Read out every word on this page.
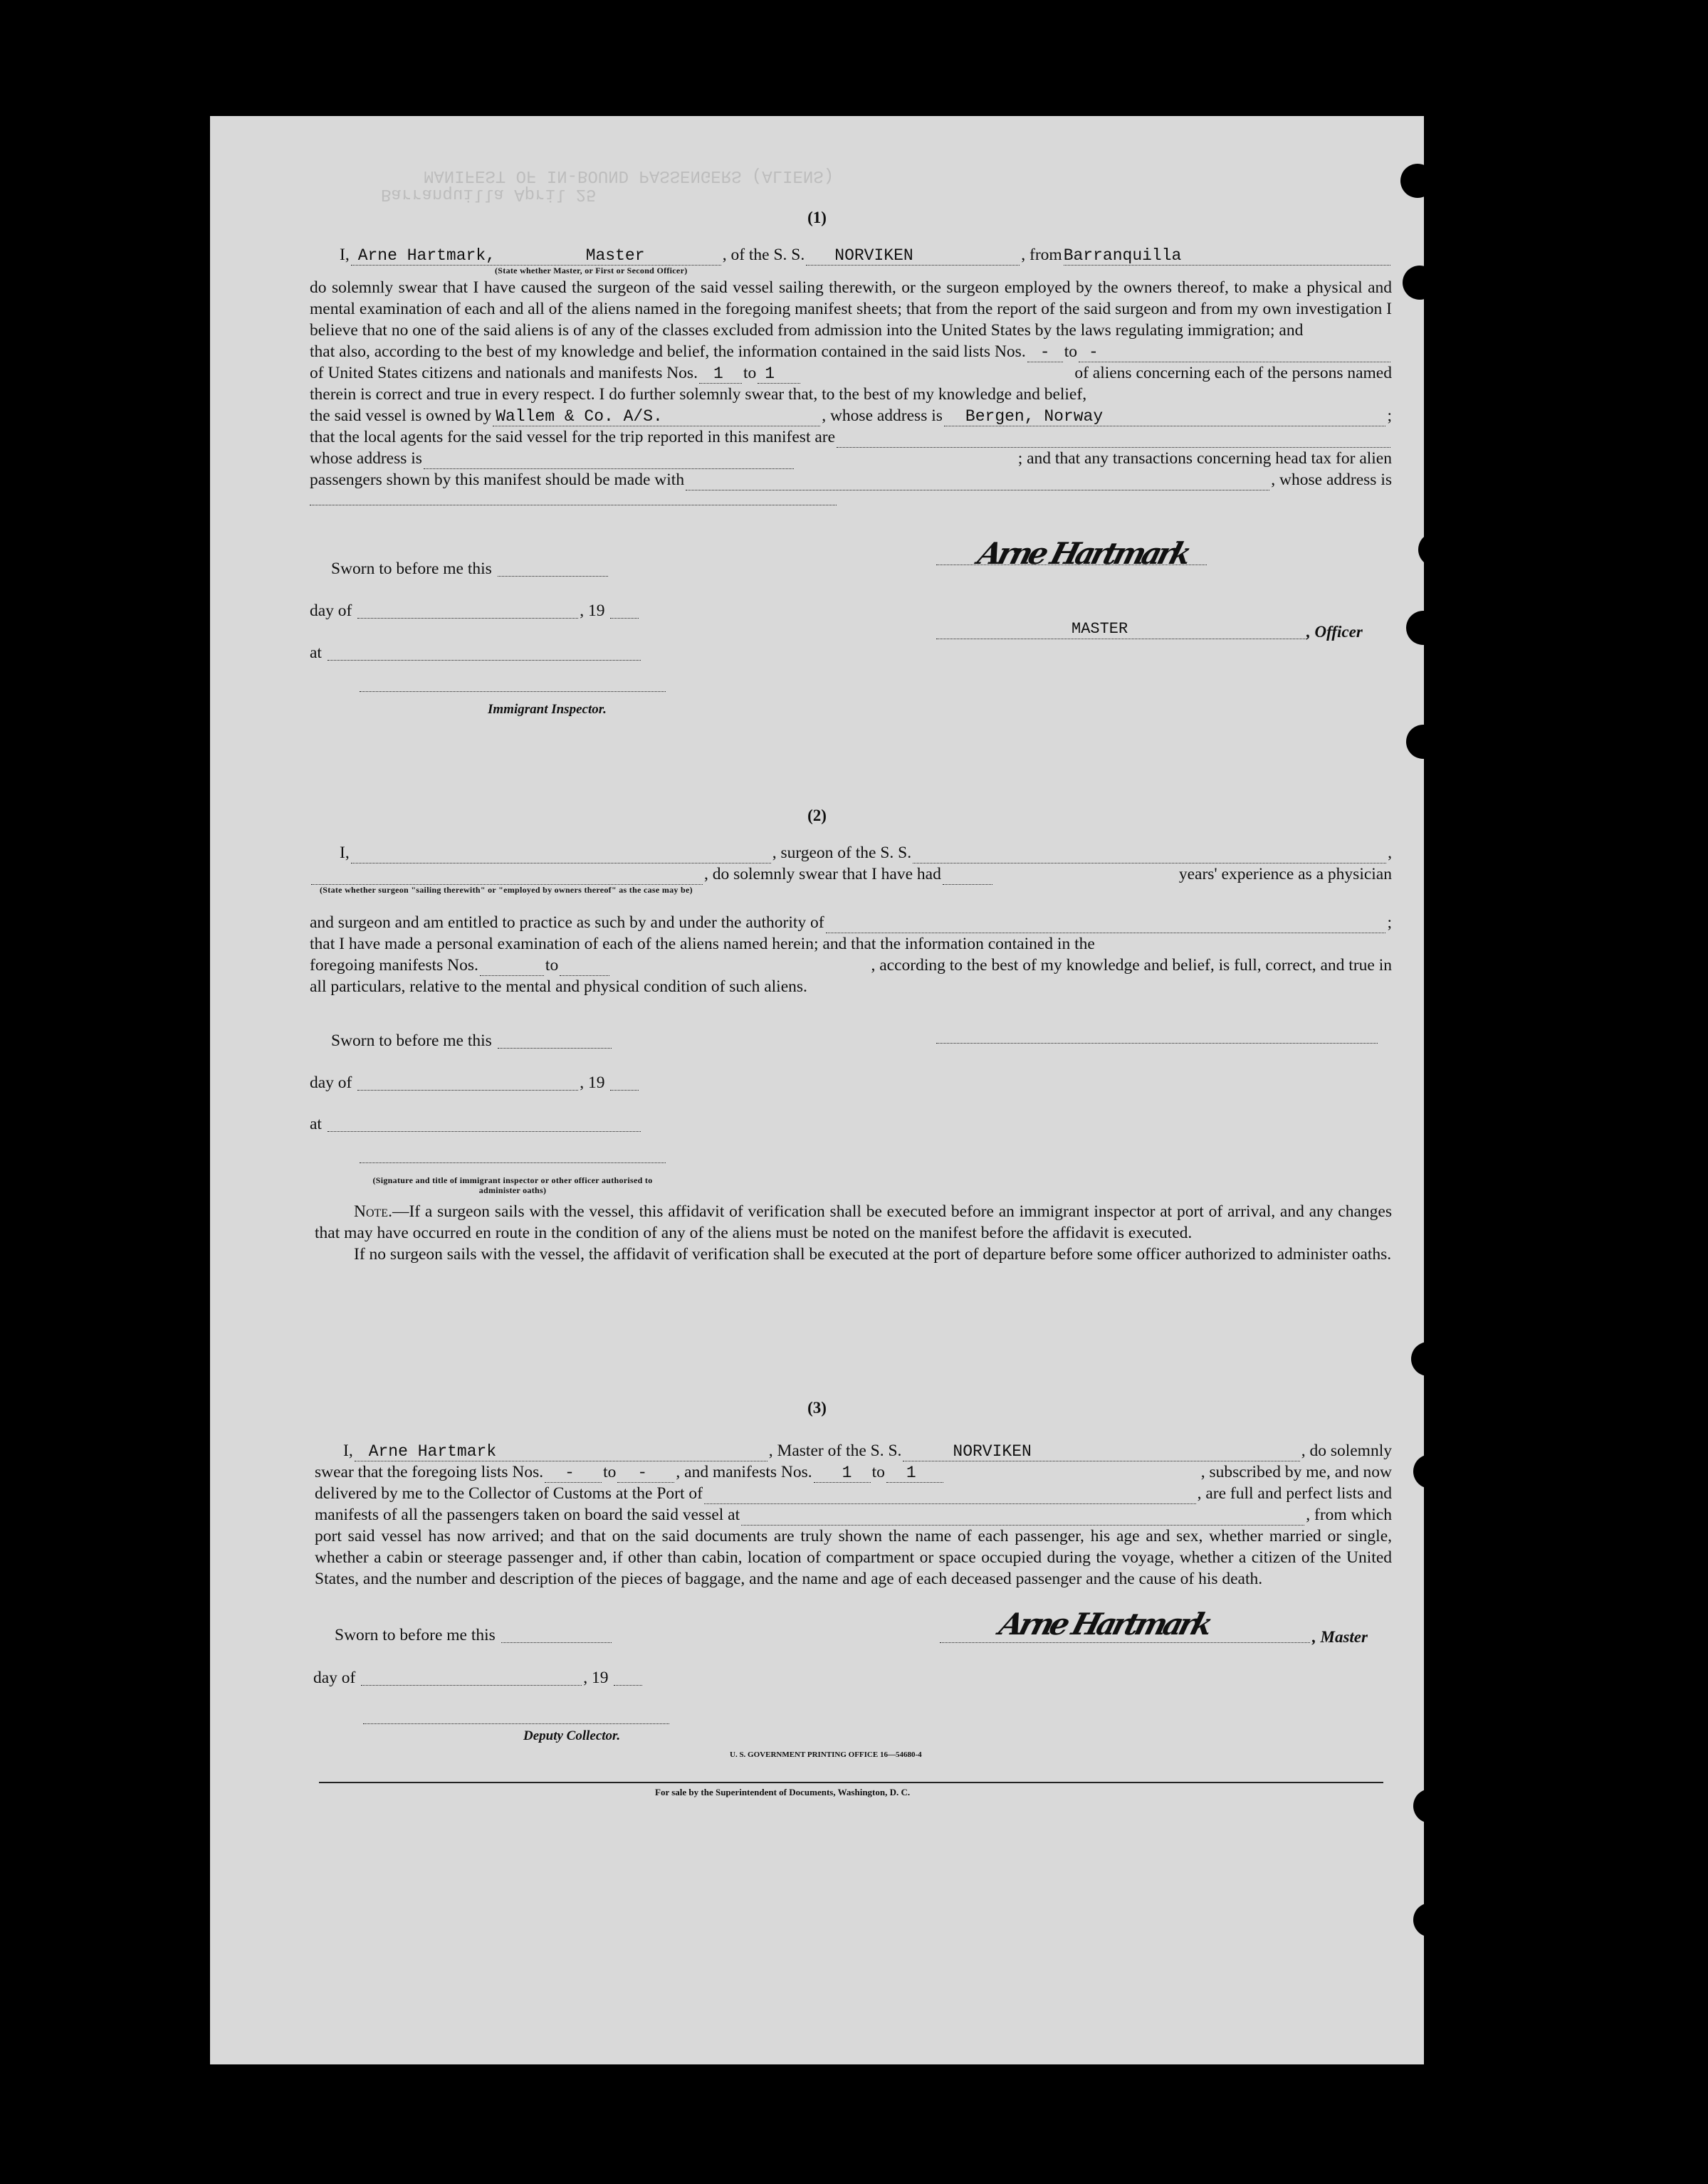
Barranquilla April 25
MANIFEST OF IN-BOUND PASSENGERS (ALIENS)
(1)
I, Arne Hartmark,	Master	, of the S. S. NORVIKEN	, from Barranquilla
(State whether Master, or First or Second Officer)

do solemnly swear that I have caused the surgeon of the said vessel sailing therewith, or the surgeon employed by the owners thereof, to make a physical and mental examination of each and all of the aliens named in the foregoing manifest sheets; that from the report of the said surgeon and from my own investigation I believe that no one of the said aliens is of any of the classes excluded from admission into the United States by the laws regulating immigration; and

that also, according to the best of my knowledge and belief, the information contained in the said lists Nos. - to -
of United States citizens and nationals and manifests Nos. 1 to 1	of aliens concerning each of the persons named
therein is correct and true in every respect. I do further solemnly swear that, to the best of my knowledge and belief,
the said vessel is owned by Wallem & Co. A/S.	, whose address is Bergen, Norway	;
that the local agents for the said vessel for the trip reported in this manifest are
whose address is	; and that any transactions concerning head tax for alien
passengers shown by this manifest should be made with	, whose address is
Sworn to before me this
day of	, 19
at
Immigrant Inspector.
Arne Hartmark
MASTER	, Officer
(2)
I,	, surgeon of the S. S.	,
, do solemnly swear that I have had	years' experience as a physician
(State whether surgeon "sailing therewith" or "employed by owners thereof" as the case may be)
and surgeon and am entitled to practice as such by and under the authority of	;
that I have made a personal examination of each of the aliens named herein; and that the information contained in the
foregoing manifests Nos.	to	, according to the best of my knowledge and belief, is full, correct, and true in
all particulars, relative to the mental and physical condition of such aliens.
Sworn to before me this
day of	, 19
at
(Signature and title of immigrant inspector or other officer authorised to administer oaths)

Note.—If a surgeon sails with the vessel, this affidavit of verification shall be executed before an immigrant inspector at port of arrival, and any changes that may have occurred en route in the condition of any of the aliens must be noted on the manifest before the affidavit is executed.

If no surgeon sails with the vessel, the affidavit of verification shall be executed at the port of departure before some officer authorized to administer oaths.

(3)
I, Arne Hartmark	, Master of the S. S.	NORVIKEN	, do solemnly
swear that the foregoing lists Nos. - to - , and manifests Nos. 1 to 1	, subscribed by me, and now
delivered by me to the Collector of Customs at the Port of	, are full and perfect lists and
manifests of all the passengers taken on board the said vessel at	, from which

port said vessel has now arrived; and that on the said documents are truly shown the name of each passenger, his age and sex, whether married or single, whether a cabin or steerage passenger and, if other than cabin, location of compartment or space occupied during the voyage, whether a citizen of the United States, and the number and description of the pieces of baggage, and the name and age of each deceased passenger and the cause of his death.

Sworn to before me this	Arne Hartmark	, Master
day of	, 19
Deputy Collector.
U. S. GOVERNMENT PRINTING OFFICE 16—54680-4
For sale by the Superintendent of Documents, Washington, D. C.
